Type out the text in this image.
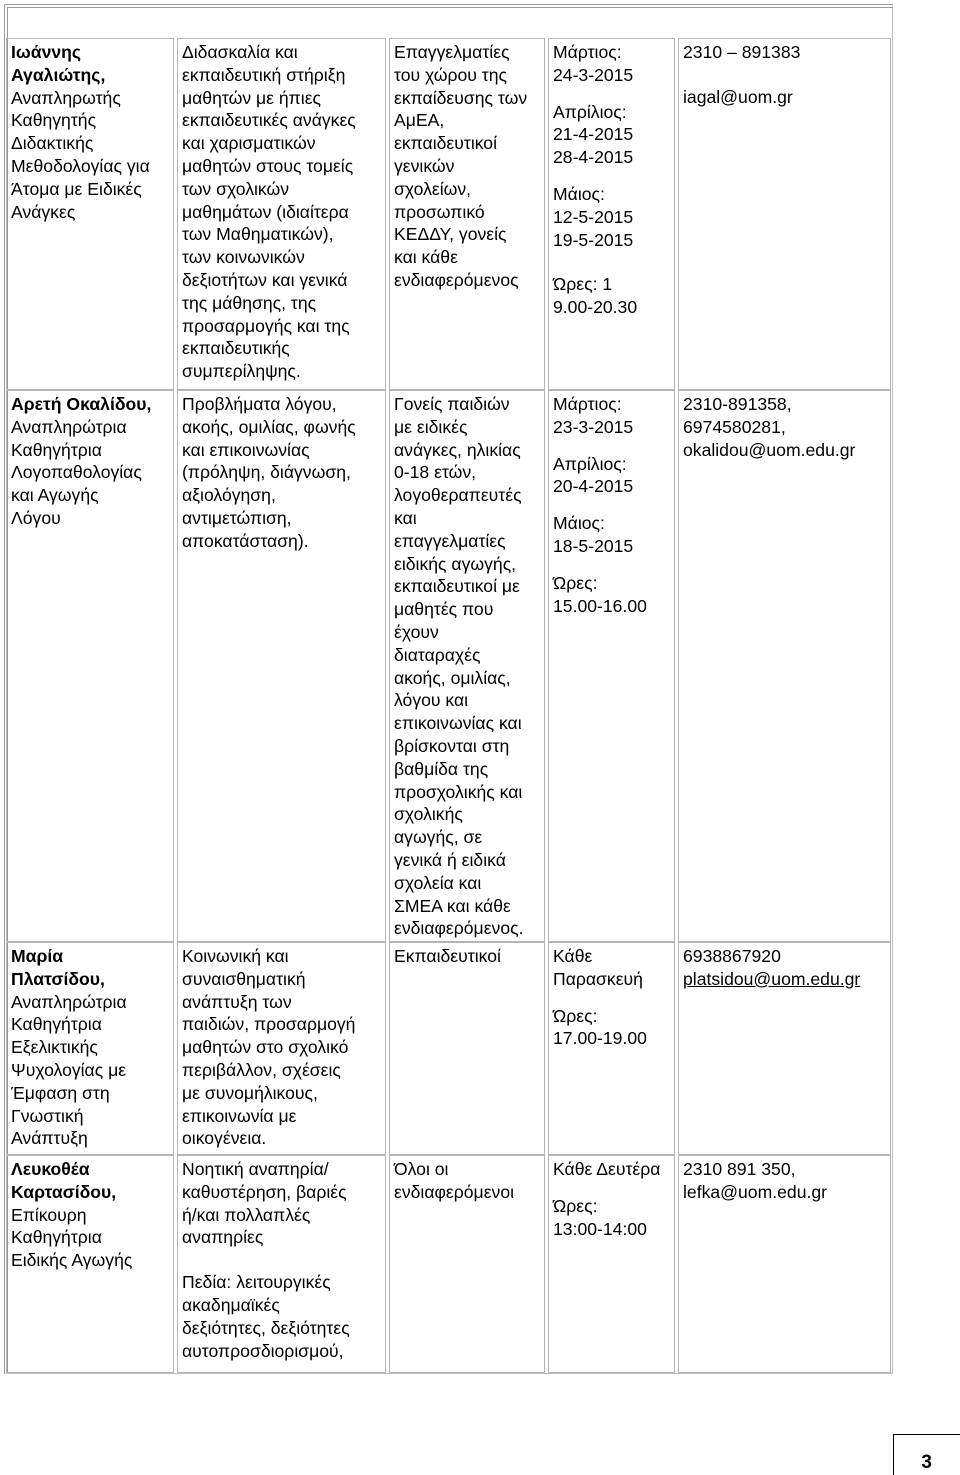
Ιωάννης
Αγαλιώτης,
Αναπληρωτής
Καθηγητής
Διδακτικής
Μεθοδολογίας για
Άτομα με Ειδικές
Ανάγκες
Διδασκαλία και
εκπαιδευτική στήριξη
μαθητών με ήπιες
εκπαιδευτικές ανάγκες
και χαρισματικών
μαθητών στους τομείς
των σχολικών
μαθημάτων (ιδιαίτερα
των Μαθηματικών),
των κοινωνικών
δεξιοτήτων και γενικά
της μάθησης, της
προσαρμογής και της
εκπαιδευτικής
συμπερίληψης.
Επαγγελματίες
του χώρου της
εκπαίδευσης των
ΑμΕΑ,
εκπαιδευτικοί
γενικών
σχολείων,
προσωπικό
ΚΕΔΔΥ, γονείς
και κάθε
ενδιαφερόμενος
Μάρτιος:
24-3-2015
Απρίλιος:
21-4-2015
28-4-2015
Μάιος:
12-5-2015
19-5-2015
Ώρες: 1
9.00-20.30
2310 – 891383
iagal@uom.gr
Αρετή Οκαλίδου,
Αναπληρώτρια
Καθηγήτρια
Λογοπαθολογίας
και Αγωγής
Λόγου
Προβλήματα λόγου,
ακοής, ομιλίας, φωνής
και επικοινωνίας
(πρόληψη, διάγνωση,
αξιολόγηση,
αντιμετώπιση,
αποκατάσταση).
Γονείς παιδιών
με ειδικές
ανάγκες, ηλικίας
0-18 ετών,
λογοθεραπευτές
και
επαγγελματίες
ειδικής αγωγής,
εκπαιδευτικοί με
μαθητές που
έχουν
διαταραχές
ακοής, ομιλίας,
λόγου και
επικοινωνίας και
βρίσκονται στη
βαθμίδα της
προσχολικής και
σχολικής
αγωγής, σε
γενικά ή ειδικά
σχολεία και
ΣΜΕΑ και κάθε
ενδιαφερόμενος.
Μάρτιος:
23-3-2015
Απρίλιος:
20-4-2015
Μάιος:
18-5-2015
Ώρες:
15.00-16.00
2310-891358,
6974580281,
okalidou@uom.edu.gr
Μαρία
Πλατσίδου,
Αναπληρώτρια
Καθηγήτρια
Εξελικτικής
Ψυχολογίας με
Έμφαση στη
Γνωστική
Ανάπτυξη
Κοινωνική και
συναισθηματική
ανάπτυξη των
παιδιών, προσαρμογή
μαθητών στο σχολικό
περιβάλλον, σχέσεις
με συνομήλικους,
επικοινωνία με
οικογένεια.
Εκπαιδευτικοί	Κάθε
Παρασκευή
Ώρες:
17.00-19.00
6938867920
platsidou@uom.edu.gr
Λευκοθέα
Καρτασίδου,
Επίκουρη
Καθηγήτρια
Ειδικής Αγωγής
Νοητική αναπηρία/
καθυστέρηση, βαριές
ή/και πολλαπλές
αναπηρίες
Πεδία: λειτουργικές
ακαδημαϊκές
δεξιότητες, δεξιότητες
αυτοπροσδιορισμού,
Όλοι οι
ενδιαφερόμενοι
Κάθε Δευτέρα
Ώρες:
13:00-14:00
2310 891 350,
lefka@uom.edu.gr
3
